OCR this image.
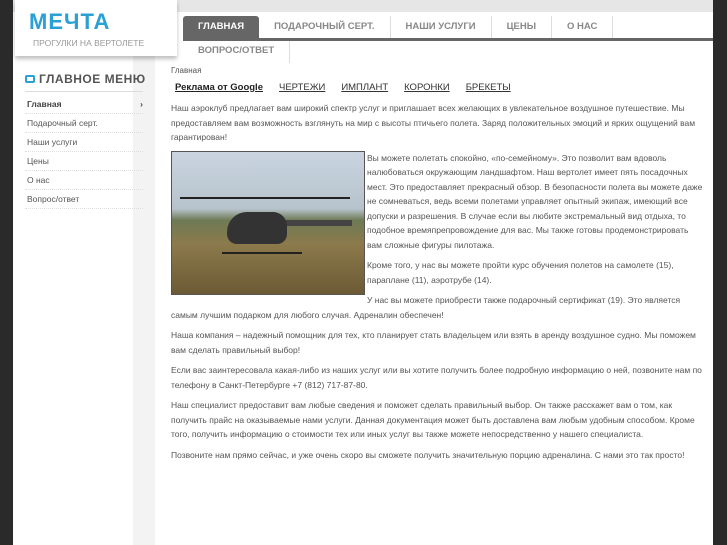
МЕЧТА
ПРОГУЛКИ НА ВЕРТОЛЕТЕ
ГЛАВНАЯ	ПОДАРОЧНЫЙ СЕРТ.	НАШИ УСЛУГИ	ЦЕНЫ	О НАС
ВОПРОС/ОТВЕТ
ГЛАВНОЕ МЕНЮ
Главная	›
Подарочный серт.
Наши услуги
Цены
О нас
Вопрос/ответ
Главная
Реклама от Google ЧЕРТЕЖИ ИМПЛАНТ КОРОНКИ БРЕКЕТЫ

Наш аэроклуб предлагает вам широкий спектр услуг и приглашает всех желающих в увлекательное воздушное путешествие. Мы предоставляем вам возможность взглянуть на мир с высоты птичьего полета. Заряд положительных эмоций и ярких ощущений вам гарантирован!

Вы можете полетать спокойно, «по-семейному». Это позволит вам вдоволь налюбоваться окружающим ландшафтом. Наш вертолет имеет пять посадочных мест. Это предоставляет прекрасный обзор. В безопасности полета вы можете даже не сомневаться, ведь всеми полетами управляет опытный экипаж, имеющий все допуски и разрешения. В случае если вы любите экстремальный вид отдыха, то подобное времяпрепровождение для вас. Мы также готовы продемонстрировать вам сложные фигуры пилотажа.

Кроме того, у нас вы можете пройти курс обучения полетов на самолете (15), параплане (11), аэротрубе (14).

У нас вы можете приобрести также подарочный сертификат (19). Это является самым лучшим подарком для любого случая. Адреналин обеспечен!

Наша компания – надежный помощник для тех, кто планирует стать владельцем или взять в аренду воздушное судно. Мы поможем вам сделать правильный выбор!

Если вас заинтересовала какая-либо из наших услуг или вы хотите получить более подробную информацию о ней, позвоните нам по телефону в Санкт-Петербурге +7 (812) 717-87-80.

Наш специалист предоставит вам любые сведения и поможет сделать правильный выбор. Он также расскажет вам о том, как получить прайс на оказываемые нами услуги. Данная документация может быть доставлена вам любым удобным способом. Кроме того, получить информацию о стоимости тех или иных услуг вы также можете непосредственно у нашего специалиста.

Позвоните нам прямо сейчас, и уже очень скоро вы сможете получить значительную порцию адреналина. С нами это так просто!
